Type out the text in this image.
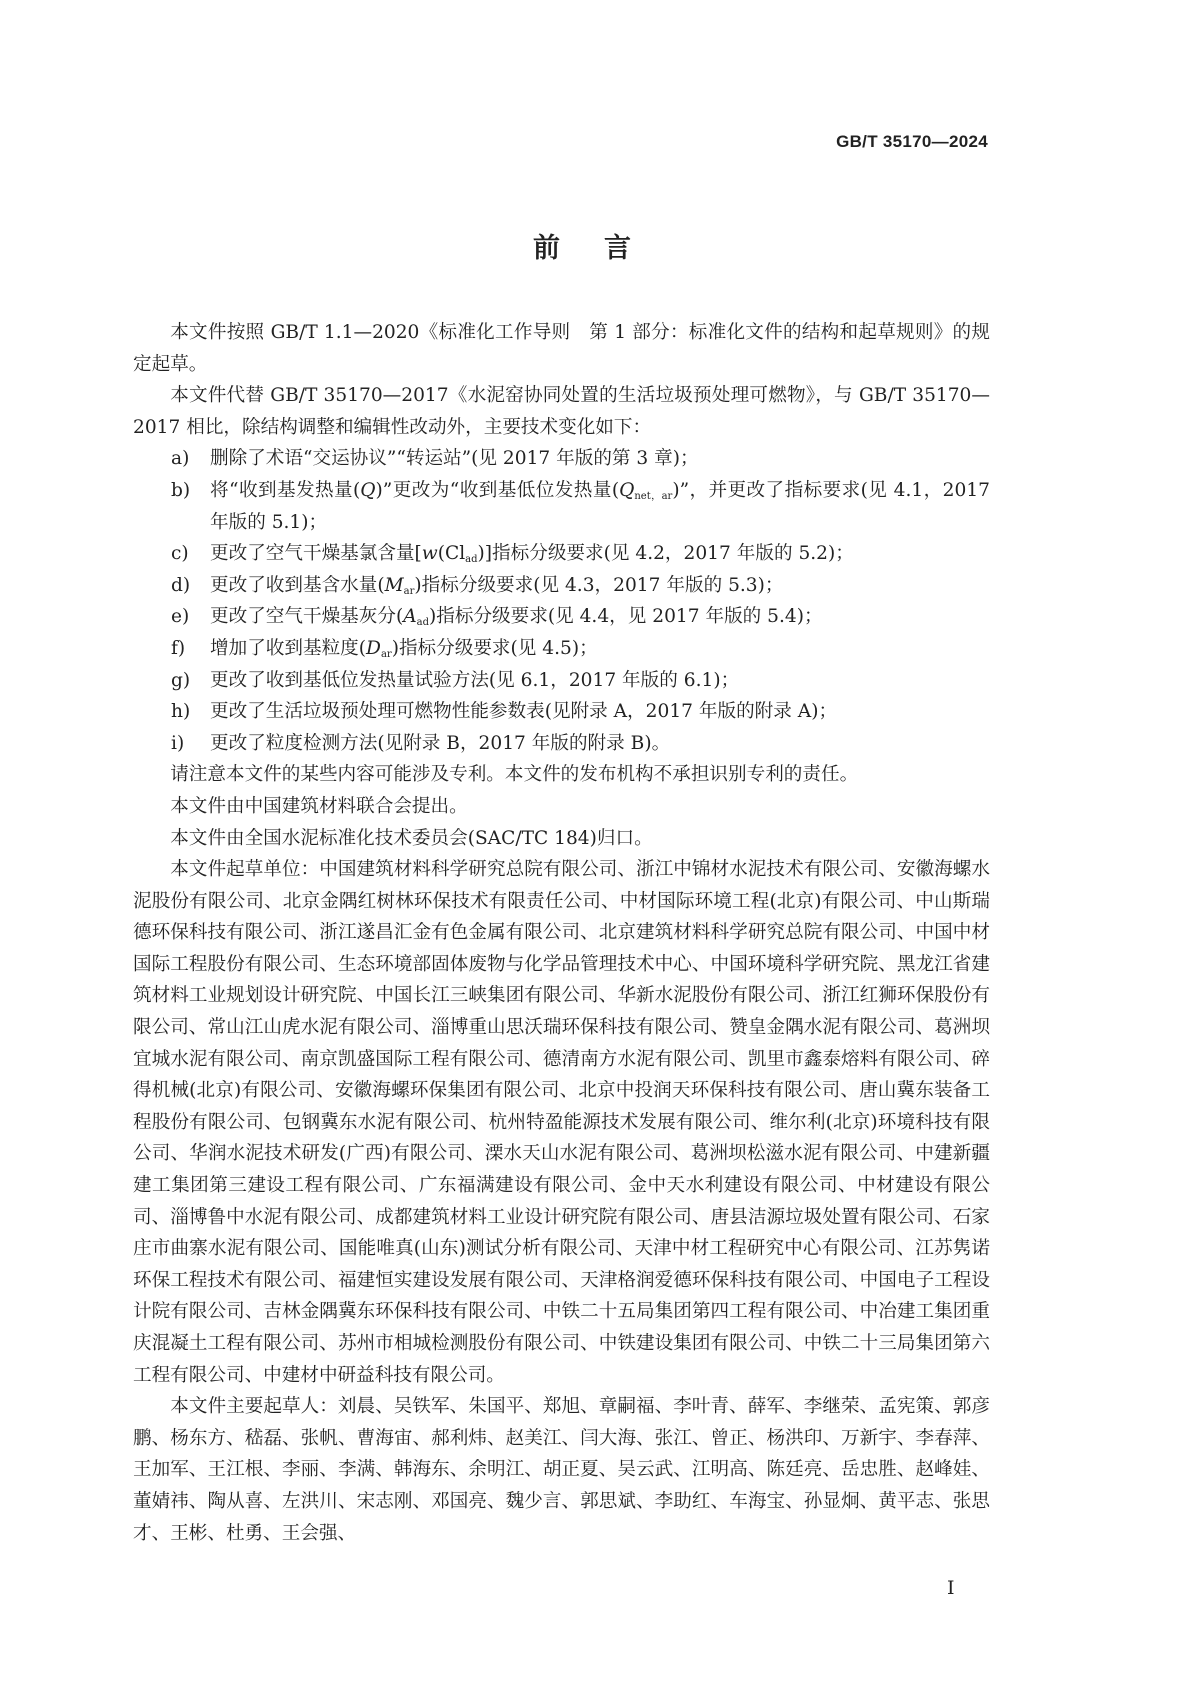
GB/T 35170—2024
前言

本文件按照 GB/T 1.1—2020《标准化工作导则　第 1 部分：标准化文件的结构和起草规则》的规定起草。

本文件代替 GB/T 35170—2017《水泥窑协同处置的生活垃圾预处理可燃物》，与 GB/T 35170—2017 相比，除结构调整和编辑性改动外，主要技术变化如下：

a)	删除了术语“交运协议”“转运站”(见 2017 年版的第 3 章)；
b)	将“收到基发热量(Q)”更改为“收到基低位发热量$(Q_{net,ar})$”，并更改了指标要求(见 4.1，2017 年版的 5.1)；
c)	更改了空气干燥基氯含量$[w(Cl_{ad})]$指标分级要求(见 4.2，2017 年版的 5.2)；
d)	更改了收到基含水量$(M_{ar})$指标分级要求(见 4.3，2017 年版的 5.3)；
e)	更改了空气干燥基灰分$(A_{ad})$指标分级要求(见 4.4，见 2017 年版的 5.4)；
f)	增加了收到基粒度$(D_{ar})$指标分级要求(见 4.5)；
g)	更改了收到基低位发热量试验方法(见 6.1，2017 年版的 6.1)；
h)	更改了生活垃圾预处理可燃物性能参数表(见附录 A，2017 年版的附录 A)；
i)	更改了粒度检测方法(见附录 B，2017 年版的附录 B)。

请注意本文件的某些内容可能涉及专利。本文件的发布机构不承担识别专利的责任。

本文件由中国建筑材料联合会提出。

本文件由全国水泥标准化技术委员会(SAC/TC 184)归口。

本文件起草单位：中国建筑材料科学研究总院有限公司、浙江中锦材水泥技术有限公司、安徽海螺水泥股份有限公司、北京金隅红树林环保技术有限责任公司、中材国际环境工程(北京)有限公司、中山斯瑞德环保科技有限公司、浙江遂昌汇金有色金属有限公司、北京建筑材料科学研究总院有限公司、中国中材国际工程股份有限公司、生态环境部固体废物与化学品管理技术中心、中国环境科学研究院、黑龙江省建筑材料工业规划设计研究院、中国长江三峡集团有限公司、华新水泥股份有限公司、浙江红狮环保股份有限公司、常山江山虎水泥有限公司、淄博重山思沃瑞环保科技有限公司、赞皇金隅水泥有限公司、葛洲坝宜城水泥有限公司、南京凯盛国际工程有限公司、德清南方水泥有限公司、凯里市鑫泰熔料有限公司、碎得机械(北京)有限公司、安徽海螺环保集团有限公司、北京中投润天环保科技有限公司、唐山冀东装备工程股份有限公司、包钢冀东水泥有限公司、杭州特盈能源技术发展有限公司、维尔利(北京)环境科技有限公司、华润水泥技术研发(广西)有限公司、溧水天山水泥有限公司、葛洲坝松滋水泥有限公司、中建新疆建工集团第三建设工程有限公司、广东福满建设有限公司、金中天水利建设有限公司、中材建设有限公司、淄博鲁中水泥有限公司、成都建筑材料工业设计研究院有限公司、唐县洁源垃圾处置有限公司、石家庄市曲寨水泥有限公司、国能唯真(山东)测试分析有限公司、天津中材工程研究中心有限公司、江苏隽诺环保工程技术有限公司、福建恒实建设发展有限公司、天津格润爱德环保科技有限公司、中国电子工程设计院有限公司、吉林金隅冀东环保科技有限公司、中铁二十五局集团第四工程有限公司、中冶建工集团重庆混凝土工程有限公司、苏州市相城检测股份有限公司、中铁建设集团有限公司、中铁二十三局集团第六工程有限公司、中建材中研益科技有限公司。

本文件主要起草人：刘晨、吴铁军、朱国平、郑旭、章嗣福、李叶青、薛军、李继荣、孟宪策、郭彦鹏、杨东方、嵇磊、张帆、曹海宙、郝利炜、赵美江、闫大海、张江、曾正、杨洪印、万新宇、李春萍、王加军、王江根、李丽、李满、韩海东、余明江、胡正夏、吴云武、江明高、陈廷亮、岳忠胜、赵峰娃、董婧祎、陶从喜、左洪川、宋志刚、邓国亮、魏少言、郭思斌、李助红、车海宝、孙显炯、黄平志、张思才、王彬、杜勇、王会强、

I
